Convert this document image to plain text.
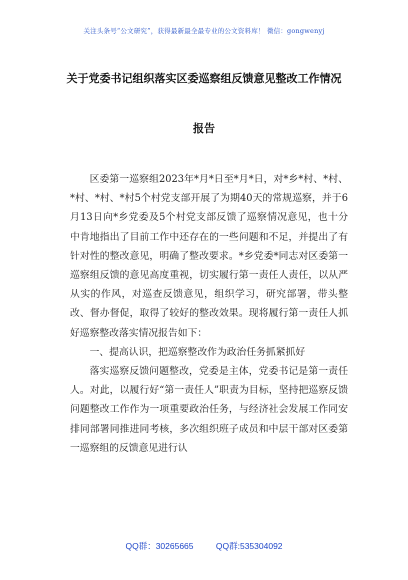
关注头条号“公文研究”，获得最新最全最专业的公文资料库！ 微信：gongwenyj
关于党委书记组织落实区委巡察组反馈意见整改工作情况
报告

区委第一巡察组2023年*月*日至*月*日，对*乡*村、*村、*村、*村、*村5个村党支部开展了为期40天的常规巡察，并于6月13日向*乡党委及5个村党支部反馈了巡察情况意见，也十分中肯地指出了目前工作中还存在的一些问题和不足，并提出了有针对性的整改意见，明确了整改要求。*乡党委*同志对区委第一巡察组反馈的意见高度重视，切实履行第一责任人责任，以从严从实的作风，对巡查反馈意见，组织学习，研究部署，带头整改、督办督促，取得了较好的整改效果。现将履行第一责任人抓好巡察整改落实情况报告如下：

一、提高认识，把巡察整改作为政治任务抓紧抓好

落实巡察反馈问题整改，党委是主体，党委书记是第一责任人。对此，以履行好“第一责任人”职责为目标，坚持把巡察反馈问题整改工作作为一项重要政治任务，与经济社会发展工作同安排同部署同推进同考核，多次组织班子成员和中层干部对区委第一巡察组的反馈意见进行认

QQ群：30265665	QQ群:535304092
